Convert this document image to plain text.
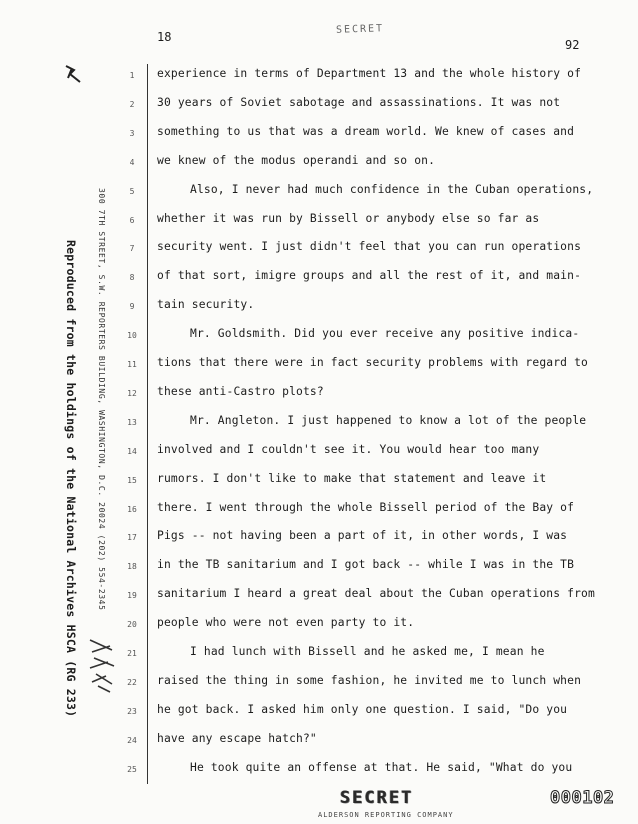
18
SECRET
92
Reproduced from the holdings of the National Archives HSCA (RG 233) 300 7TH STREET, S.W. REPORTERS BUILDING, WASHINGTON, D.C. 20024 (202) 554-2345
1	experience in terms of Department 13 and the whole history of
2	30 years of Soviet sabotage and assassinations. It was not
3	something to us that was a dream world. We knew of cases and
4	we knew of the modus operandi and so on.
5	Also, I never had much confidence in the Cuban operations,
6	whether it was run by Bissell or anybody else so far as
7	security went. I just didn't feel that you can run operations
8	of that sort, imigre groups and all the rest of it, and main-
9	tain security.
10	Mr. Goldsmith. Did you ever receive any positive indica-
11 tions that there were in fact security problems with regard to
12 these anti-Castro plots?
13	Mr. Angleton. I just happened to know a lot of the people
14 involved and I couldn't see it. You would hear too many
15 rumors. I don't like to make that statement and leave it
16 there. I went through the whole Bissell period of the Bay of
17 Pigs -- not having been a part of it, in other words, I was
18 in the TB sanitarium and I got back -- while I was in the TB
19 sanitarium I heard a great deal about the Cuban operations from
20 people who were not even party to it.
21	I had lunch with Bissell and he asked me, I mean he
22 raised the thing in some fashion, he invited me to lunch when
23 he got back. I asked him only one question. I said, "Do you
24 have any escape hatch?"
25	He took quite an offense at that. He said, "What do you
SECRET
ALDERSON REPORTING COMPANY
000102
